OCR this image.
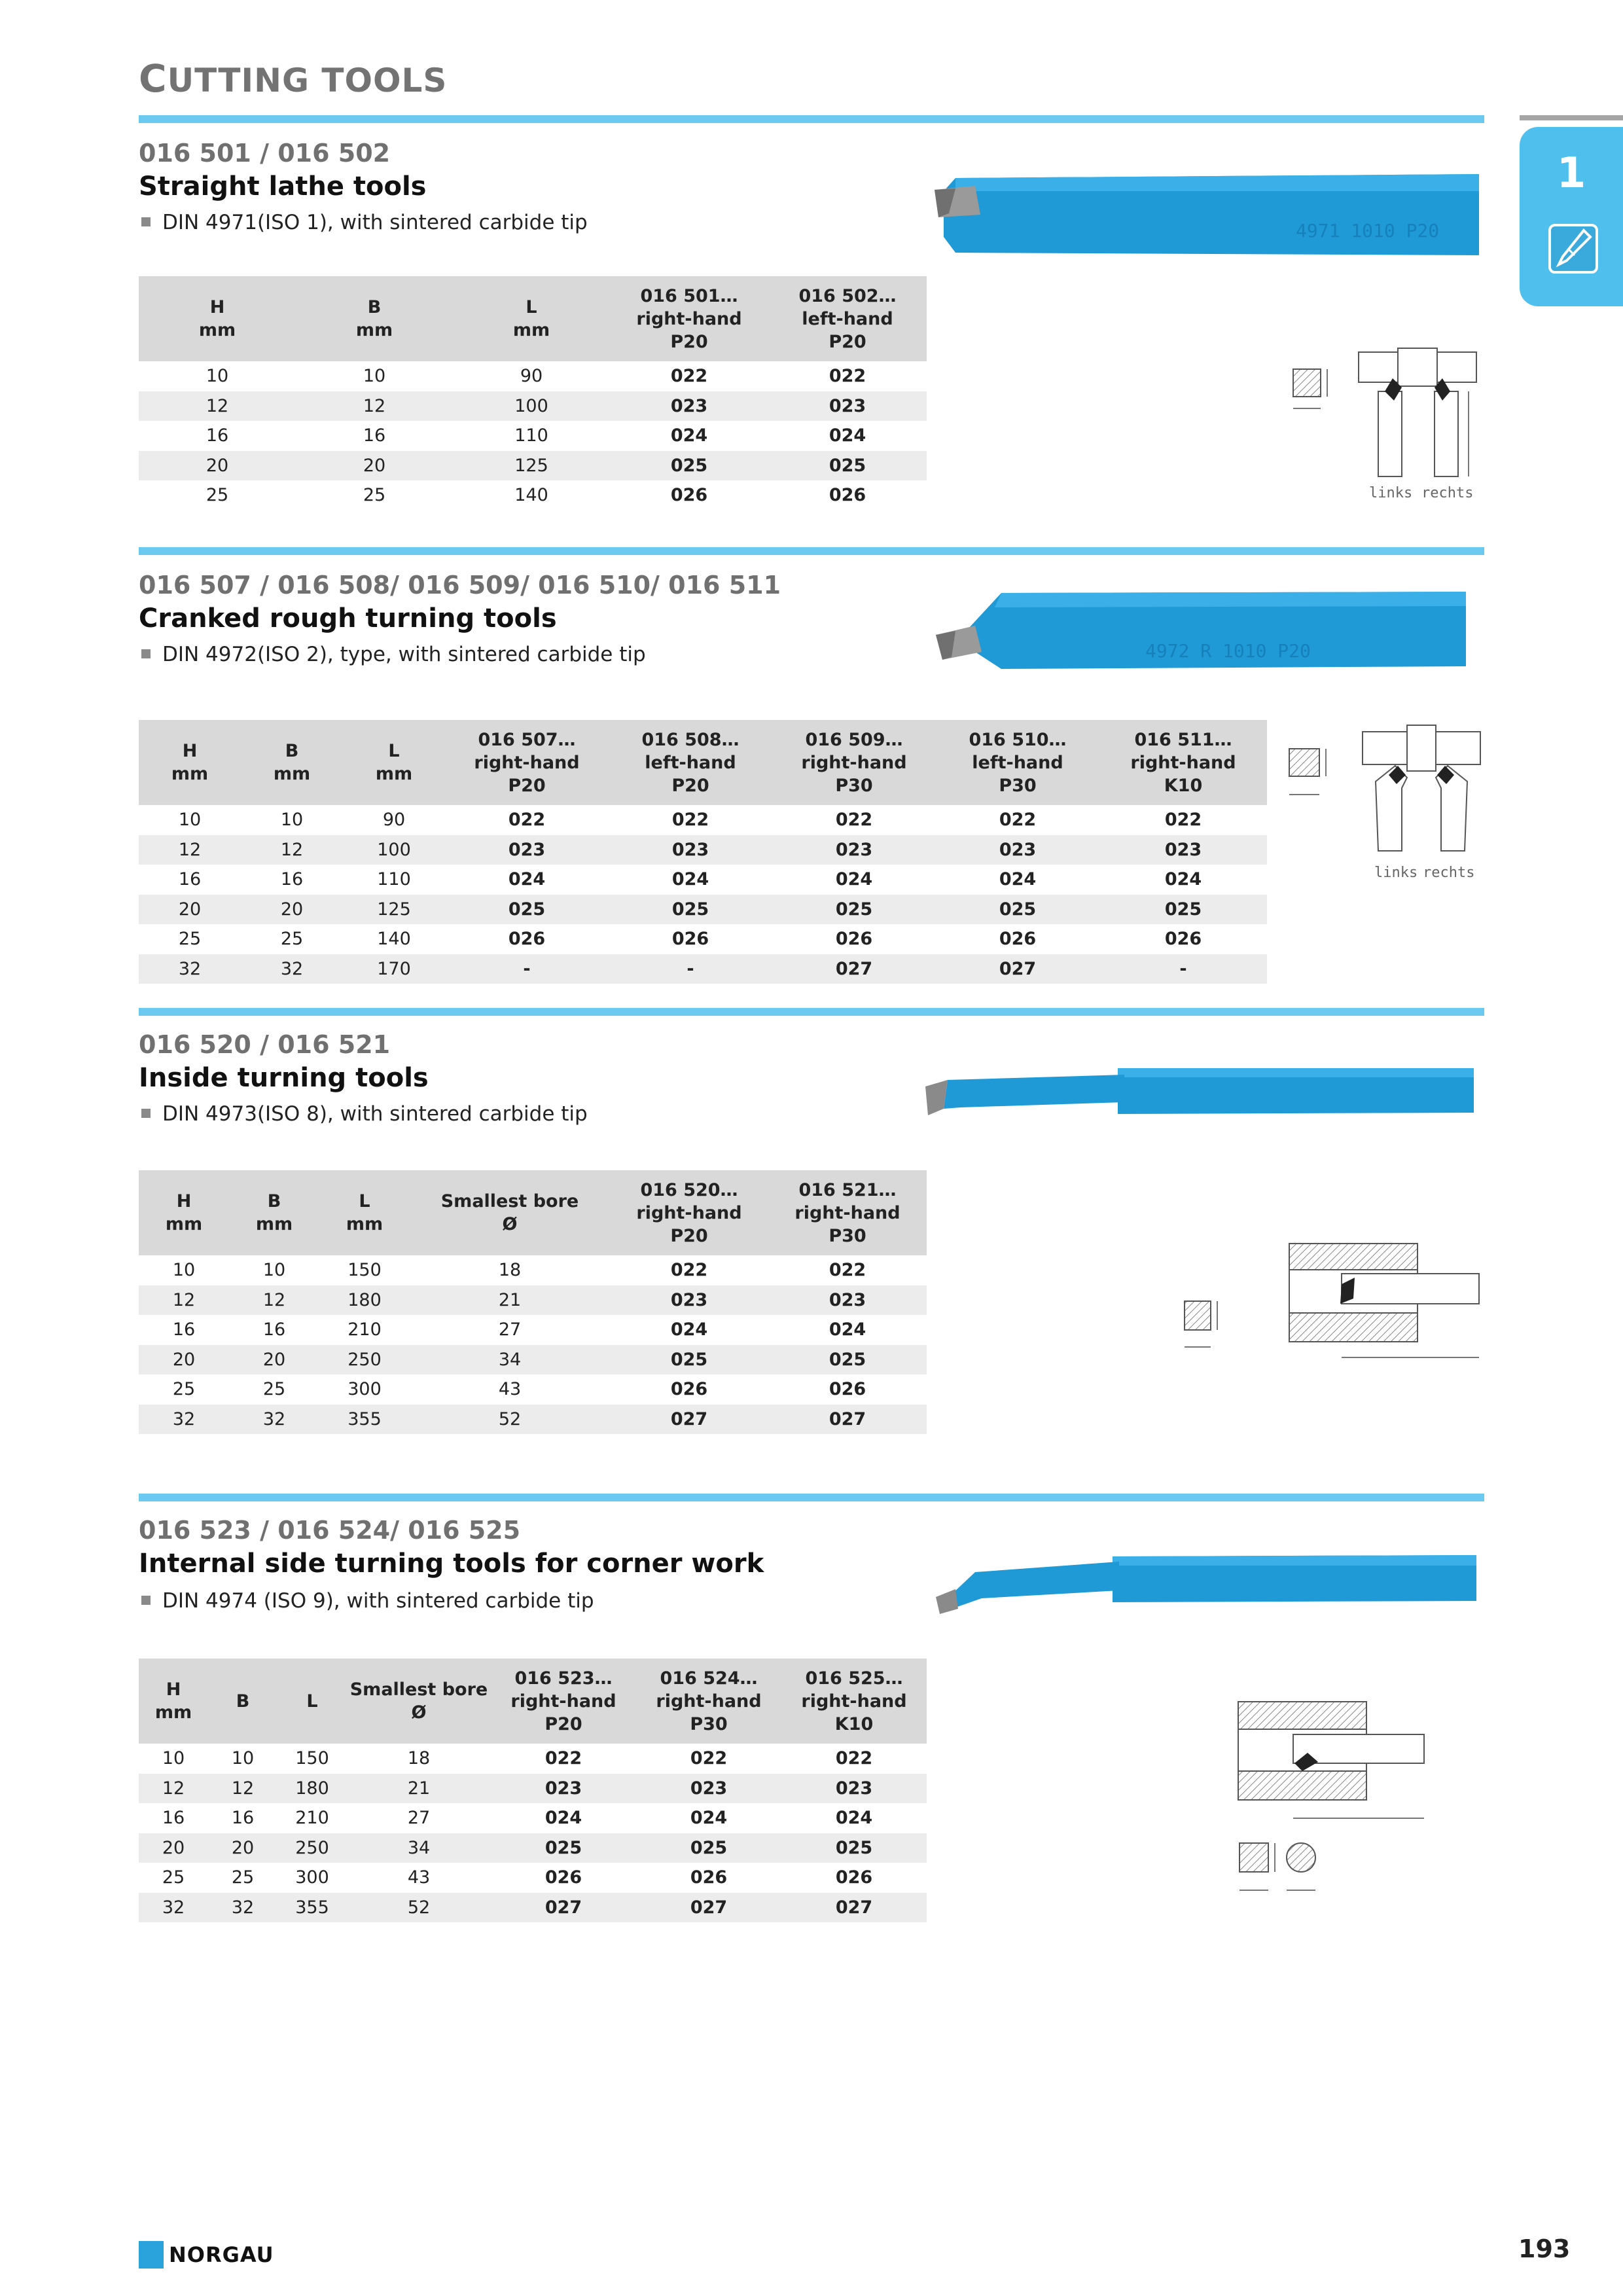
CUTTING TOOLS
1
016 501 / 016 502
Straight lathe tools
DIN 4971(ISO 1), with sintered carbide tip	4971 1010 P20
H
mm	B
mm	L
mm	016 501…
right-hand
P20	016 502…
left-hand
P20
10	10	90	022	022
12	12	100	023	023
16	16	110	024	024
20	20	125	025	025
25	25	140	026	026	links rechts
016 507 / 016 508/ 016 509/ 016 510/ 016 511
Cranked rough turning tools
DIN 4972(ISO 2), type, with sintered carbide tip	4972 R 1010 P20
H
mm	B
mm	L
mm	016 507…
right-hand
P20	016 508…
left-hand
P20	016 509…
right-hand
P30	016 510…
left-hand
P30	016 511…
right-hand
K10
10	10	90	022	022	022	022	022
12	12	100	023	023	023	023	023
16	16	110	024	024	024	024	024
20	20	125	025	025	025	025	025
25	25	140	026	026	026	026	026
32	32	170	-	-	027	027	-
links rechts
016 520 / 016 521
Inside turning tools
DIN 4973(ISO 8), with sintered carbide tip
H
mm	B
mm	L
mm	Smallest bore
Ø	016 520…
right-hand
P20	016 521…
right-hand
P30
10	10	150	18	022	022
12	12	180	21	023	023
16	16	210	27	024	024
20	20	250	34	025	025
25	25	300	43	026	026
32	32	355	52	027	027
016 523 / 016 524/ 016 525
Internal side turning tools for corner work
DIN 4974 (ISO 9), with sintered carbide tip
H
mm	B	L	Smallest bore
Ø	016 523…
right-hand
P20	016 524…
right-hand
P30	016 525…
right-hand
K10
10	10	150	18	022	022	022
12	12	180	21	023	023	023
16	16	210	27	024	024	024
20	20	250	34	025	025	025
25	25	300	43	026	026	026
32	32	355	52	027	027	027
NORGAU	193
